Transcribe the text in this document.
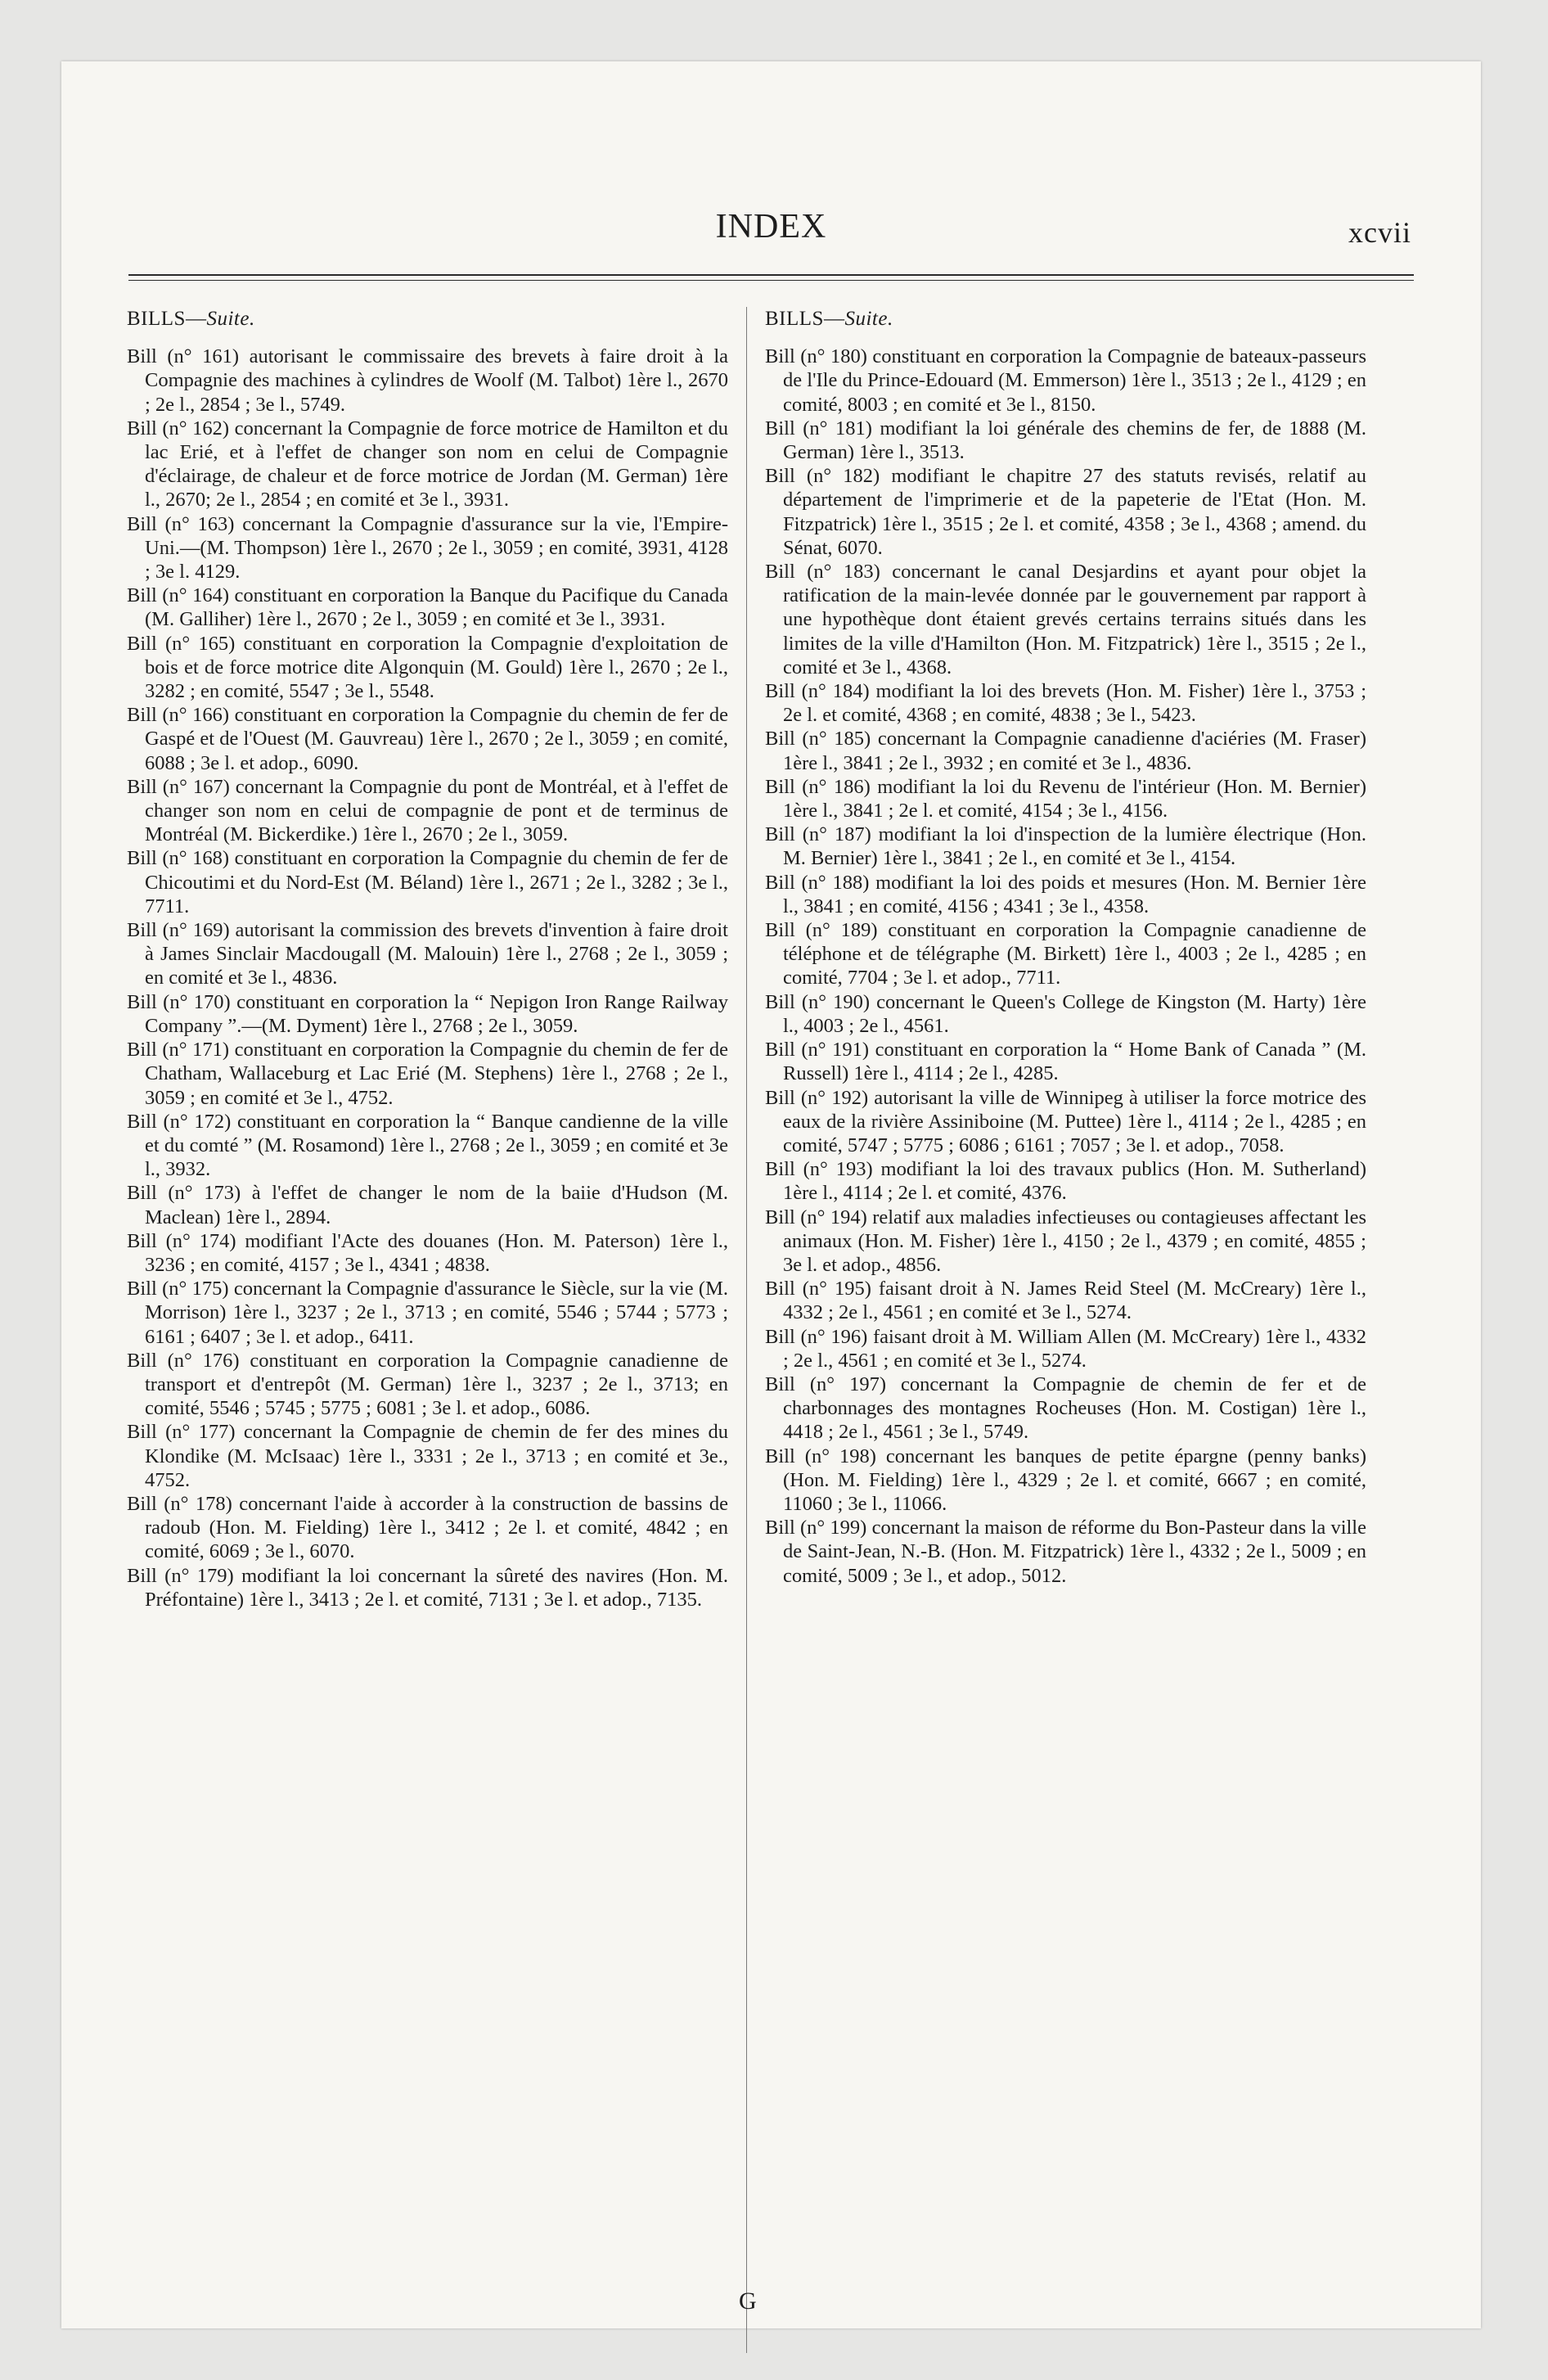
INDEX	xcvii
BILLS—Suite.

Bill (n° 161) autorisant le commissaire des brevets à faire droit à la Compagnie des machines à cylindres de Woolf (M. Talbot) 1ère l., 2670 ; 2e l., 2854 ; 3e l., 5749.

Bill (n° 162) concernant la Compagnie de force motrice de Hamilton et du lac Erié, et à l'effet de changer son nom en celui de Compagnie d'éclairage, de chaleur et de force motrice de Jordan (M. German) 1ère l., 2670; 2e l., 2854 ; en comité et 3e l., 3931.

Bill (n° 163) concernant la Compagnie d'assurance sur la vie, l'Empire-Uni.—(M. Thompson) 1ère l., 2670 ; 2e l., 3059 ; en comité, 3931, 4128 ; 3e l. 4129.

Bill (n° 164) constituant en corporation la Banque du Pacifique du Canada (M. Galliher) 1ère l., 2670 ; 2e l., 3059 ; en comité et 3e l., 3931.

Bill (n° 165) constituant en corporation la Compagnie d'exploitation de bois et de force motrice dite Algonquin (M. Gould) 1ère l., 2670 ; 2e l., 3282 ; en comité, 5547 ; 3e l., 5548.

Bill (n° 166) constituant en corporation la Compagnie du chemin de fer de Gaspé et de l'Ouest (M. Gauvreau) 1ère l., 2670 ; 2e l., 3059 ; en comité, 6088 ; 3e l. et adop., 6090.

Bill (n° 167) concernant la Compagnie du pont de Montréal, et à l'effet de changer son nom en celui de compagnie de pont et de terminus de Montréal (M. Bickerdike.) 1ère l., 2670 ; 2e l., 3059.

Bill (n° 168) constituant en corporation la Compagnie du chemin de fer de Chicoutimi et du Nord-Est (M. Béland) 1ère l., 2671 ; 2e l., 3282 ; 3e l., 7711.

Bill (n° 169) autorisant la commission des brevets d'invention à faire droit à James Sinclair Macdougall (M. Malouin) 1ère l., 2768 ; 2e l., 3059 ; en comité et 3e l., 4836.

Bill (n° 170) constituant en corporation la “ Nepigon Iron Range Railway Company ”.—(M. Dyment) 1ère l., 2768 ; 2e l., 3059.

Bill (n° 171) constituant en corporation la Compagnie du chemin de fer de Chatham, Wallaceburg et Lac Erié (M. Stephens) 1ère l., 2768 ; 2e l., 3059 ; en comité et 3e l., 4752.

Bill (n° 172) constituant en corporation la “ Banque candienne de la ville et du comté ” (M. Rosamond) 1ère l., 2768 ; 2e l., 3059 ; en comité et 3e l., 3932.

Bill (n° 173) à l'effet de changer le nom de la baiie d'Hudson (M. Maclean) 1ère l., 2894.

Bill (n° 174) modifiant l'Acte des douanes (Hon. M. Paterson) 1ère l., 3236 ; en comité, 4157 ; 3e l., 4341 ; 4838.

Bill (n° 175) concernant la Compagnie d'assurance le Siècle, sur la vie (M. Morrison) 1ère l., 3237 ; 2e l., 3713 ; en comité, 5546 ; 5744 ; 5773 ; 6161 ; 6407 ; 3e l. et adop., 6411.

Bill (n° 176) constituant en corporation la Compagnie canadienne de transport et d'entrepôt (M. German) 1ère l., 3237 ; 2e l., 3713; en comité, 5546 ; 5745 ; 5775 ; 6081 ; 3e l. et adop., 6086.

Bill (n° 177) concernant la Compagnie de chemin de fer des mines du Klondike (M. McIsaac) 1ère l., 3331 ; 2e l., 3713 ; en comité et 3e., 4752.

Bill (n° 178) concernant l'aide à accorder à la construction de bassins de radoub (Hon. M. Fielding) 1ère l., 3412 ; 2e l. et comité, 4842 ; en comité, 6069 ; 3e l., 6070.

Bill (n° 179) modifiant la loi concernant la sûreté des navires (Hon. M. Préfontaine) 1ère l., 3413 ; 2e l. et comité, 7131 ; 3e l. et adop., 7135.

BILLS—Suite.

Bill (n° 180) constituant en corporation la Compagnie de bateaux-passeurs de l'Ile du Prince-Edouard (M. Emmerson) 1ère l., 3513 ; 2e l., 4129 ; en comité, 8003 ; en comité et 3e l., 8150.

Bill (n° 181) modifiant la loi générale des chemins de fer, de 1888 (M. German) 1ère l., 3513.

Bill (n° 182) modifiant le chapitre 27 des statuts revisés, relatif au département de l'imprimerie et de la papeterie de l'Etat (Hon. M. Fitzpatrick) 1ère l., 3515 ; 2e l. et comité, 4358 ; 3e l., 4368 ; amend. du Sénat, 6070.

Bill (n° 183) concernant le canal Desjardins et ayant pour objet la ratification de la main-levée donnée par le gouvernement par rapport à une hypothèque dont étaient grevés certains terrains situés dans les limites de la ville d'Hamilton (Hon. M. Fitzpatrick) 1ère l., 3515 ; 2e l., comité et 3e l., 4368.

Bill (n° 184) modifiant la loi des brevets (Hon. M. Fisher) 1ère l., 3753 ; 2e l. et comité, 4368 ; en comité, 4838 ; 3e l., 5423.

Bill (n° 185) concernant la Compagnie canadienne d'aciéries (M. Fraser) 1ère l., 3841 ; 2e l., 3932 ; en comité et 3e l., 4836.

Bill (n° 186) modifiant la loi du Revenu de l'intérieur (Hon. M. Bernier) 1ère l., 3841 ; 2e l. et comité, 4154 ; 3e l., 4156.

Bill (n° 187) modifiant la loi d'inspection de la lumière électrique (Hon. M. Bernier) 1ère l., 3841 ; 2e l., en comité et 3e l., 4154.

Bill (n° 188) modifiant la loi des poids et mesures (Hon. M. Bernier 1ère l., 3841 ; en comité, 4156 ; 4341 ; 3e l., 4358.

Bill (n° 189) constituant en corporation la Compagnie canadienne de téléphone et de télégraphe (M. Birkett) 1ère l., 4003 ; 2e l., 4285 ; en comité, 7704 ; 3e l. et adop., 7711.

Bill (n° 190) concernant le Queen's College de Kingston (M. Harty) 1ère l., 4003 ; 2e l., 4561.

Bill (n° 191) constituant en corporation la “ Home Bank of Canada ” (M. Russell) 1ère l., 4114 ; 2e l., 4285.

Bill (n° 192) autorisant la ville de Winnipeg à utiliser la force motrice des eaux de la rivière Assiniboine (M. Puttee) 1ère l., 4114 ; 2e l., 4285 ; en comité, 5747 ; 5775 ; 6086 ; 6161 ; 7057 ; 3e l. et adop., 7058.

Bill (n° 193) modifiant la loi des travaux publics (Hon. M. Sutherland) 1ère l., 4114 ; 2e l. et comité, 4376.

Bill (n° 194) relatif aux maladies infectieuses ou contagieuses affectant les animaux (Hon. M. Fisher) 1ère l., 4150 ; 2e l., 4379 ; en comité, 4855 ; 3e l. et adop., 4856.

Bill (n° 195) faisant droit à N. James Reid Steel (M. McCreary) 1ère l., 4332 ; 2e l., 4561 ; en comité et 3e l., 5274.

Bill (n° 196) faisant droit à M. William Allen (M. McCreary) 1ère l., 4332 ; 2e l., 4561 ; en comité et 3e l., 5274.

Bill (n° 197) concernant la Compagnie de chemin de fer et de charbonnages des montagnes Rocheuses (Hon. M. Costigan) 1ère l., 4418 ; 2e l., 4561 ; 3e l., 5749.

Bill (n° 198) concernant les banques de petite épargne (penny banks) (Hon. M. Fielding) 1ère l., 4329 ; 2e l. et comité, 6667 ; en comité, 11060 ; 3e l., 11066.

Bill (n° 199) concernant la maison de réforme du Bon-Pasteur dans la ville de Saint-Jean, N.-B. (Hon. M. Fitzpatrick) 1ère l., 4332 ; 2e l., 5009 ; en comité, 5009 ; 3e l., et adop., 5012.

G
